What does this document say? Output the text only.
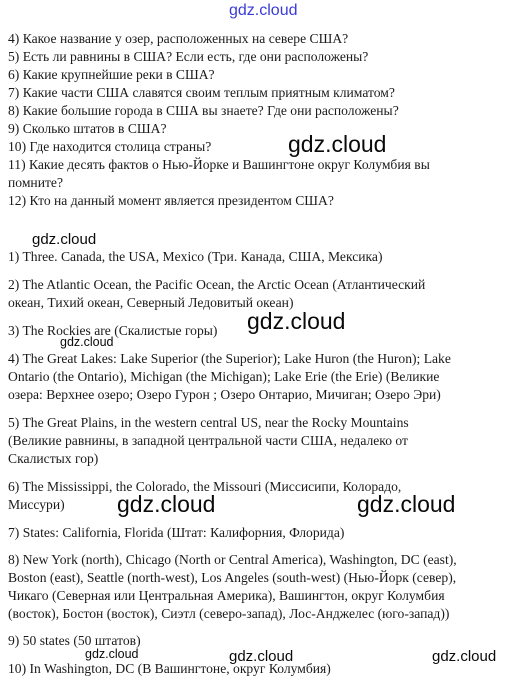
gdz.cloud
gdz.cloud
gdz.cloud
gdz.cloud
gdz.cloud
gdz.cloud	gdz.cloud
gdz.cloud	gdz.cloud	gdz.cloud
4) Какое название у озер, расположенных на севере США?
5) Есть ли равнины в США? Если есть, где они расположены?
6) Какие крупнейшие реки в США?
7) Какие части США славятся своим теплым приятным климатом?
8) Какие большие города в США вы знаете? Где они расположены?
9) Сколько штатов в США?
10) Где находится столица страны?
11) Какие десять фактов о Нью-Йорке и Вашингтоне округ Колумбия вы
помните?
12) Кто на данный момент является президентом США?
1) Three. Canada, the USA, Mexico (Три. Канада, США, Мексика)
2) The Atlantic Ocean, the Pacific Ocean, the Arctic Ocean (Атлантический
океан, Тихий океан, Северный Ледовитый океан)
3) The Rockies are (Скалистые горы)
4) The Great Lakes: Lake Superior (the Superior); Lake Huron (the Huron); Lake
Ontario (the Ontario), Michigan (the Michigan); Lake Erie (the Erie) (Великие
озера: Верхнее озеро; Озеро Гурон ; Озеро Онтарио, Мичиган; Озеро Эри)
5) The Great Plains, in the western central US, near the Rocky Mountains
(Великие равнины, в западной центральной части США, недалеко от
Скалистых гор)
6) The Mississippi, the Colorado, the Missouri (Миссисипи, Колорадо,
Миссури)
7) States: California, Florida (Штат: Калифорния, Флорида)
8) New York (north), Chicago (North or Central America), Washington, DC (east),
Boston (east), Seattle (north-west), Los Angeles (south-west) (Нью-Йорк (север),
Чикаго (Северная или Центральная Америка), Вашингтон, округ Колумбия
(восток), Бостон (восток), Сиэтл (северо-запад), Лос-Анджелес (юго-запад))
9) 50 states (50 штатов)
10) In Washington, DC (В Вашингтоне, округ Колумбия)
